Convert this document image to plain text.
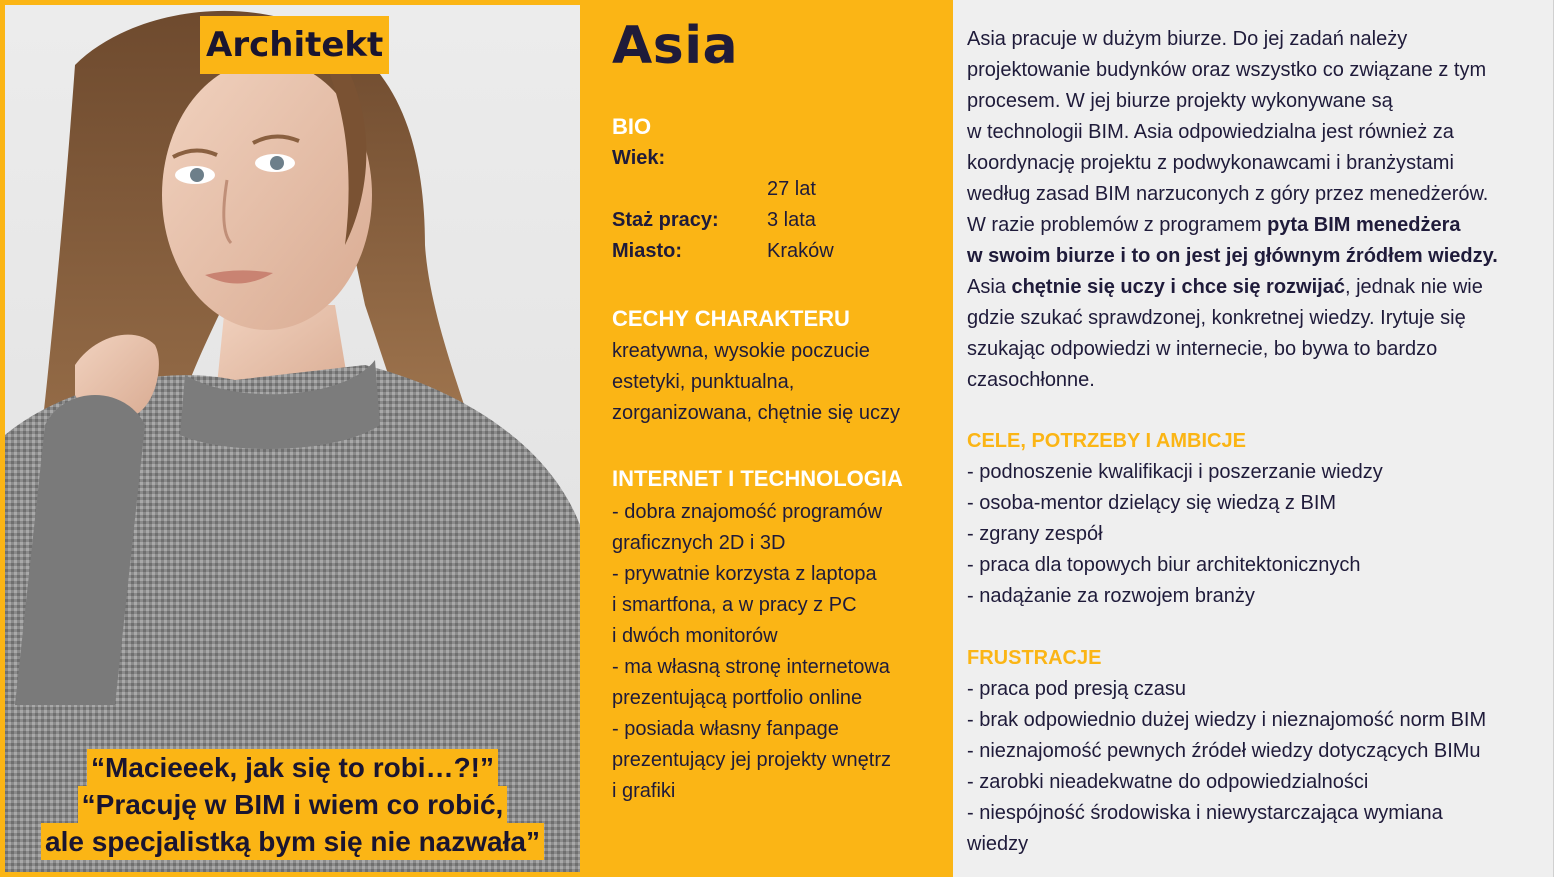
Architekt
“Macieeek, jak się to robi…?!”
“Pracuję w BIM i wiem co robić,
ale specjalistką bym się nie nazwała”
Asia
BIO
Wiek:
27 lat
Staż pracy:	3 lata
Miasto:	Kraków
CECHY CHARAKTERU
kreatywna, wysokie poczucie
estetyki, punktualna,
zorganizowana, chętnie się uczy
INTERNET I TECHNOLOGIA
- dobra znajomość programów
graficznych 2D i 3D
- prywatnie korzysta z laptopa
i smartfona, a w pracy z PC
i dwóch monitorów
- ma własną stronę internetowa
prezentującą portfolio online
- posiada własny fanpage
prezentujący jej projekty wnętrz
i grafiki
Asia pracuje w dużym biurze. Do jej zadań należy
projektowanie budynków oraz wszystko co związane z tym
procesem. W jej biurze projekty wykonywane są
w technologii BIM. Asia odpowiedzialna jest również za
koordynację projektu z podwykonawcami i branżystami
według zasad BIM narzuconych z góry przez menedżerów.
W razie problemów z programem pyta BIM menedżera
w swoim biurze i to on jest jej głównym źródłem wiedzy.
Asia chętnie się uczy i chce się rozwijać, jednak nie wie
gdzie szukać sprawdzonej, konkretnej wiedzy. Irytuje się
szukając odpowiedzi w internecie, bo bywa to bardzo
czasochłonne.
CELE, POTRZEBY I AMBICJE
- podnoszenie kwalifikacji i poszerzanie wiedzy
- osoba-mentor dzielący się wiedzą z BIM
- zgrany zespół
- praca dla topowych biur architektonicznych
- nadążanie za rozwojem branży
FRUSTRACJE
- praca pod presją czasu
- brak odpowiednio dużej wiedzy i nieznajomość norm BIM
- nieznajomość pewnych źródeł wiedzy dotyczących BIMu
- zarobki nieadekwatne do odpowiedzialności
- niespójność środowiska i niewystarczająca wymiana
wiedzy
